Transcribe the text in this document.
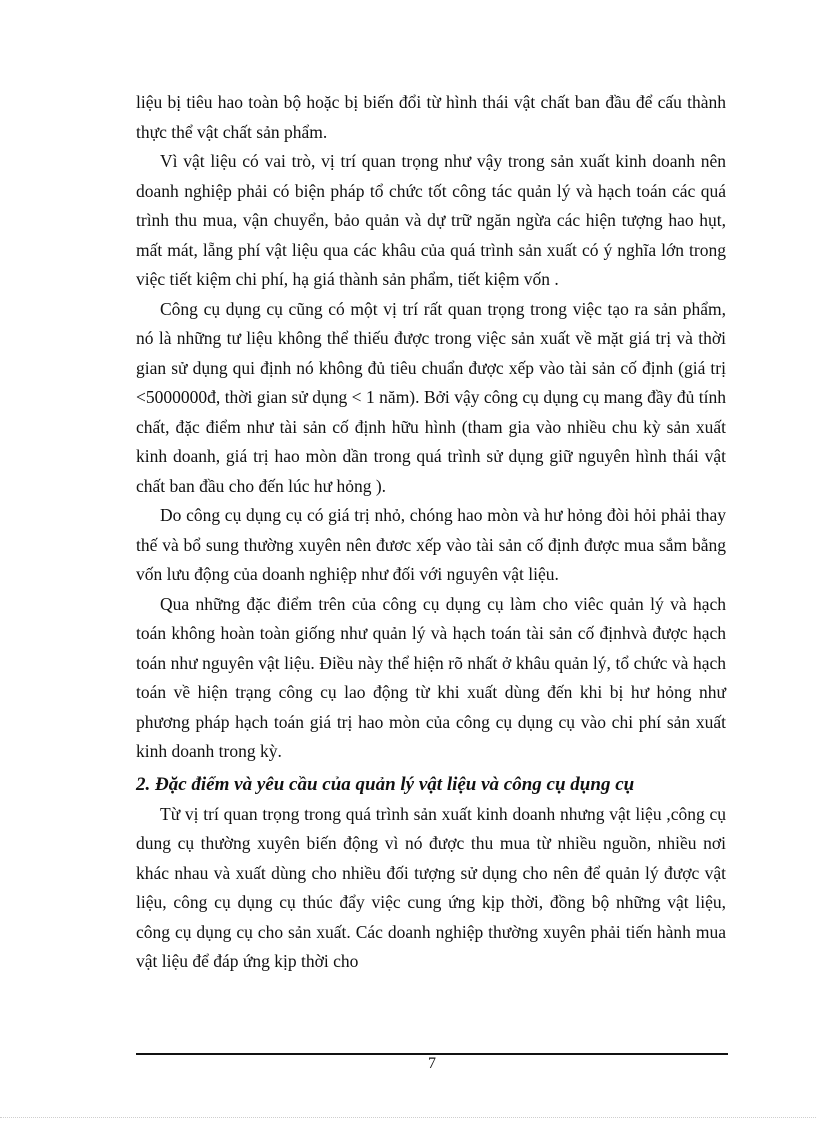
liệu bị tiêu hao toàn bộ hoặc bị biến đổi từ hình thái vật chất ban đầu để cấu thành thực thể vật chất sản phẩm.

Vì vật liệu có vai trò, vị trí quan trọng như vậy trong sản xuất kinh doanh nên doanh nghiệp phải có biện pháp tổ chức tốt công tác quản lý và hạch toán các quá trình thu mua, vận chuyển, bảo quản và dự trữ ngăn ngừa các hiện tượng hao hụt, mất mát, lẵng phí vật liệu qua các khâu của quá trình sản xuất có ý nghĩa lớn trong việc tiết kiệm chi phí, hạ giá thành sản phẩm, tiết kiệm vốn .

Công cụ dụng cụ cũng có một vị trí rất quan trọng trong việc tạo ra sản phẩm, nó là những tư liệu không thể thiếu được trong việc sản xuất về mặt giá trị và thời gian sử dụng qui định nó không đủ tiêu chuẩn được xếp vào tài sản cố định (giá trị <5000000đ, thời gian sử dụng < 1 năm). Bởi vậy công cụ dụng cụ mang đầy đủ tính chất, đặc điểm như tài sản cố định hữu hình (tham gia vào nhiều chu kỳ sản xuất kinh doanh, giá trị hao mòn dần trong quá trình sử dụng giữ nguyên hình thái vật chất ban đầu cho đến lúc hư hỏng ).

Do công cụ dụng cụ có giá trị nhỏ, chóng hao mòn và hư hỏng đòi hỏi phải thay thế và bổ sung thường xuyên nên đươc xếp vào tài sản cố định được mua sắm bằng vốn lưu động của doanh nghiệp như đối với nguyên vật liệu.

Qua những đặc điểm trên của công cụ dụng cụ làm cho viêc quản lý và hạch toán không hoàn toàn giống như quản lý và hạch toán tài sản cố địnhvà được hạch toán như nguyên vật liệu. Điều này thể hiện rõ nhất ở khâu quản lý, tổ chức và hạch toán về hiện trạng công cụ lao động từ khi xuất dùng đến khi bị hư hỏng như phương pháp hạch toán giá trị hao mòn của công cụ dụng cụ vào chi phí sản xuất kinh doanh trong kỳ.

2. Đặc điểm và yêu cầu của quản lý vật liệu và công cụ dụng cụ

Từ vị trí quan trọng trong quá trình sản xuất kinh doanh nhưng vật liệu ,công cụ dung cụ thường xuyên biến động vì nó được thu mua từ nhiều nguồn, nhiều nơi khác nhau và xuất dùng cho nhiều đối tượng sử dụng cho nên để quản lý được vật liệu, công cụ dụng cụ thúc đẩy việc cung ứng kịp thời, đồng bộ những vật liệu, công cụ dụng cụ cho sản xuất. Các doanh nghiệp thường xuyên phải tiến hành mua vật liệu để đáp ứng kịp thời cho

7
